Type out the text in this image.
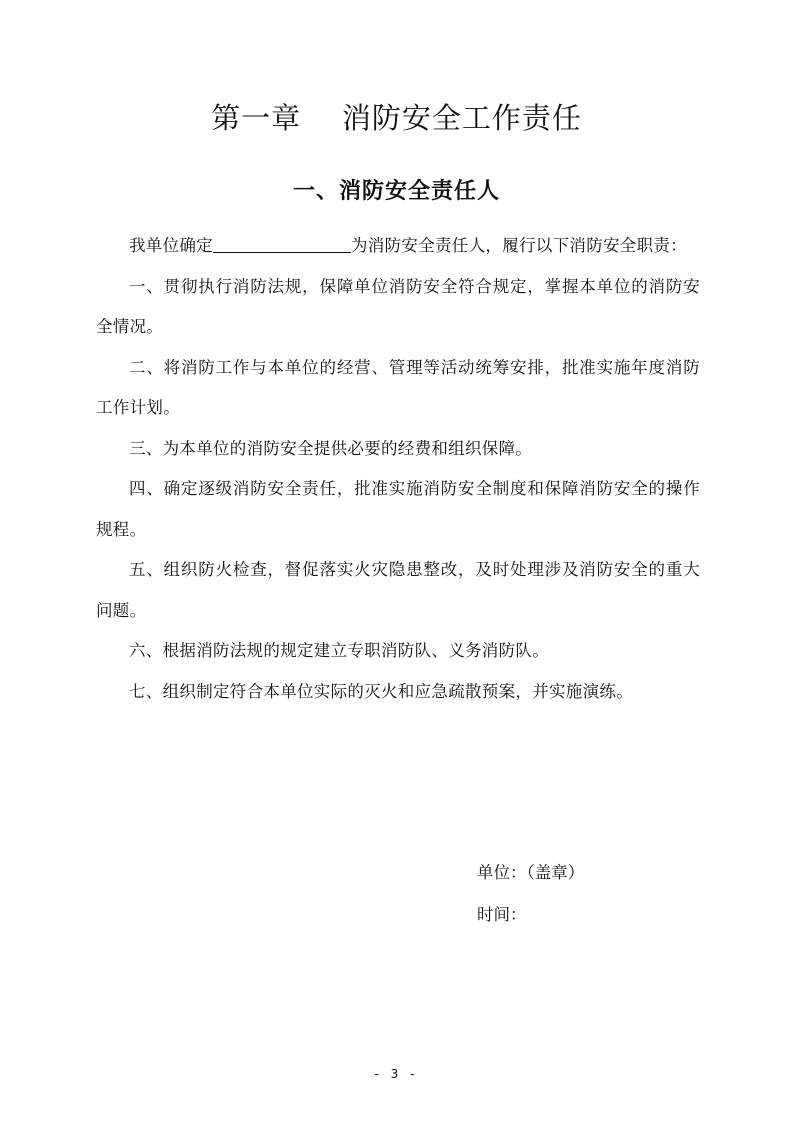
第一章    消防安全工作责任
一、消防安全责任人

我单位确定	为消防安全责任人，履行以下消防安全职责：

一、贯彻执行消防法规，保障单位消防安全符合规定，掌握本单位的消防安全情况。

二、将消防工作与本单位的经营、管理等活动统筹安排，批准实施年度消防工作计划。

三、为本单位的消防安全提供必要的经费和组织保障。

四、确定逐级消防安全责任，批准实施消防安全制度和保障消防安全的操作规程。

五、组织防火检查，督促落实火灾隐患整改，及时处理涉及消防安全的重大问题。

六、根据消防法规的规定建立专职消防队、义务消防队。

七、组织制定符合本单位实际的灭火和应急疏散预案，并实施演练。

单位：（盖章）
时间：
- 3 -
